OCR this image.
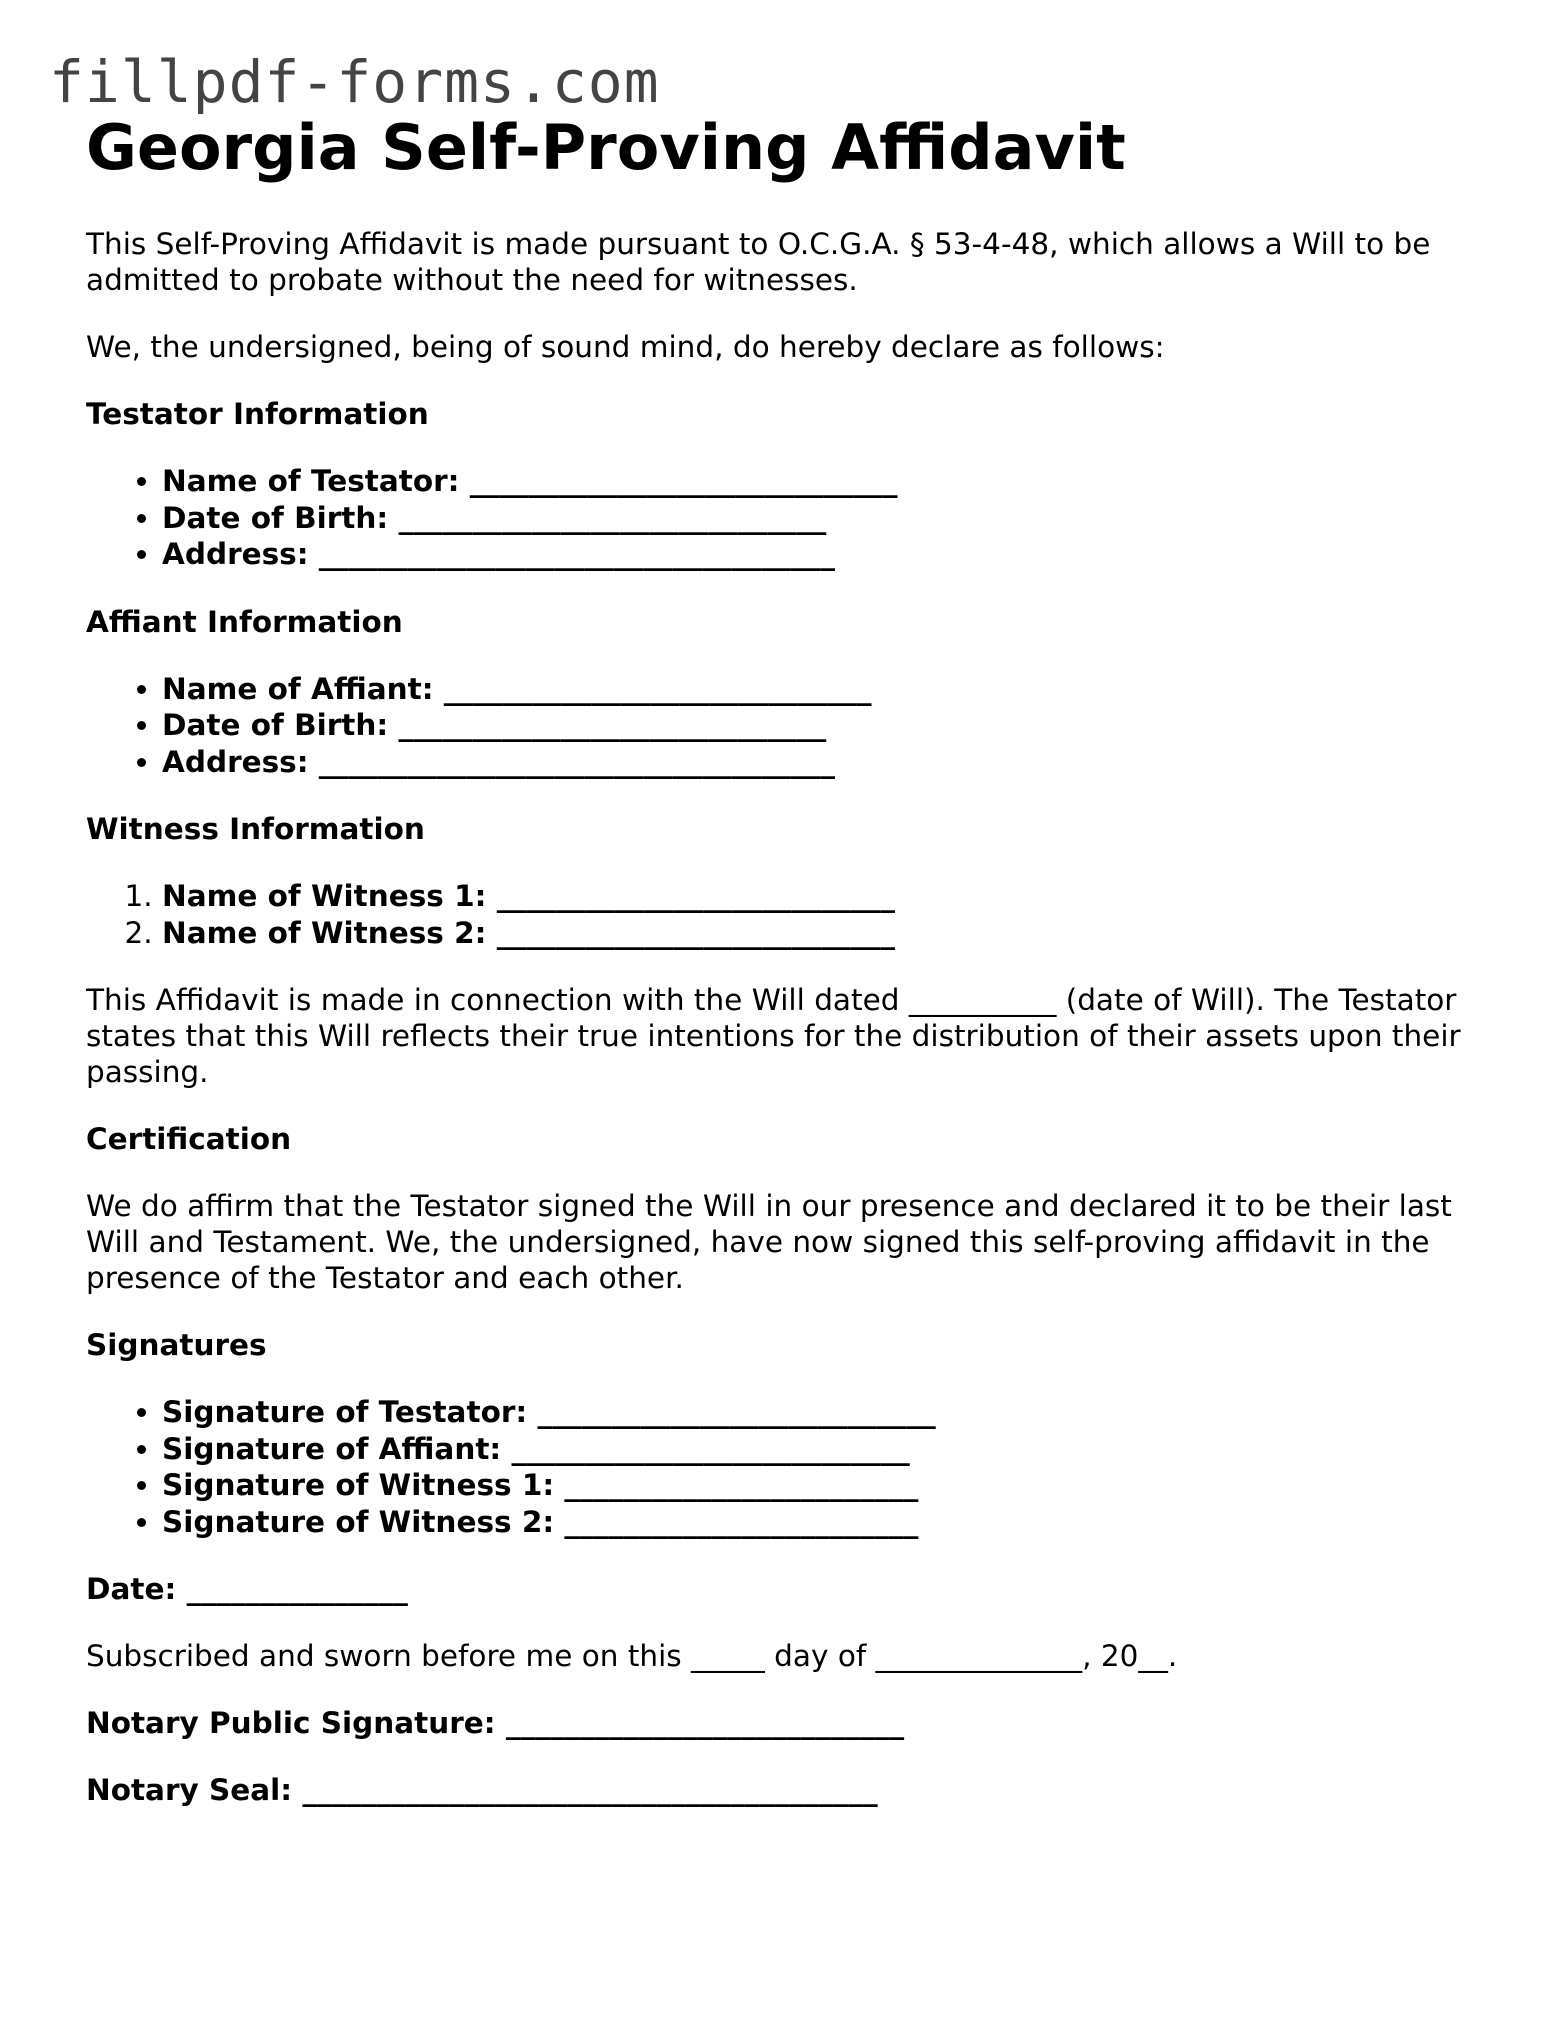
fillpdf-forms.com
Georgia Self-Proving Affidavit

This Self-Proving Affidavit is made pursuant to O.C.G.A. § 53-4-48, which allows a Will to be admitted to probate without the need for witnesses.

We, the undersigned, being of sound mind, do hereby declare as follows:

Testator Information

• Name of Testator: _____________________________
• Date of Birth: _____________________________
• Address: ___________________________________

Affiant Information

• Name of Affiant: _____________________________
• Date of Birth: _____________________________
• Address: ___________________________________

Witness Information

1. Name of Witness 1: ___________________________
2. Name of Witness 2: ___________________________

This Affidavit is made in connection with the Will dated __________ (date of Will). The Testator states that this Will reflects their true intentions for the distribution of their assets upon their passing.

Certification

We do affirm that the Testator signed the Will in our presence and declared it to be their last Will and Testament. We, the undersigned, have now signed this self-proving affidavit in the presence of the Testator and each other.

Signatures

• Signature of Testator: ___________________________
• Signature of Affiant: ___________________________
• Signature of Witness 1: ________________________
• Signature of Witness 2: ________________________

Date: _______________

Subscribed and sworn before me on this _____ day of ______________, 20__.

Notary Public Signature: ___________________________

Notary Seal: _______________________________________
